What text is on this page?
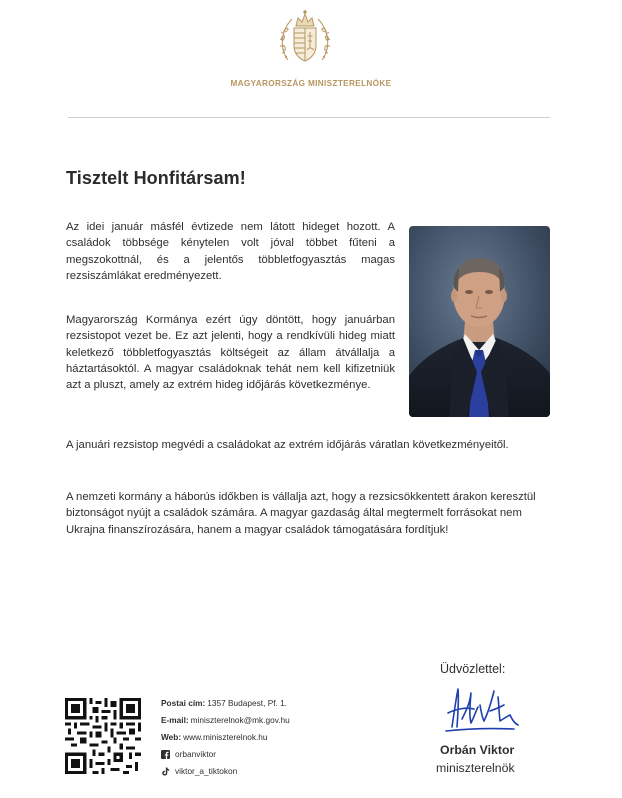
MAGYARORSZÁG MINISZTERELNÖKE
Tisztelt Honfitársam!

Az idei január másfél évtizede nem látott hideget hozott. A családok többsége kénytelen volt jóval többet fűteni a megszokottnál, és a jelentős többletfogyasztás magas rezsiszámlákat eredményezett.

Magyarország Kormánya ezért úgy döntött, hogy januárban rezsistopot vezet be. Ez azt jelenti, hogy a rendkívüli hideg miatt keletkező többletfogyasztás költségeit az állam átvállalja a háztartásoktól. A magyar családoknak tehát nem kell kifizetniük azt a pluszt, amely az extrém hideg időjárás következménye.

A januári rezsistop megvédi a családokat az extrém időjárás váratlan következményeitől.

A nemzeti kormány a háborús időkben is vállalja azt, hogy a rezsicsökkentett árakon keresztül biztonságot nyújt a családok számára. A magyar gazdaság által megtermelt forrásokat nem Ukrajna finanszírozására, hanem a magyar családok támogatására fordítjuk!

Postai cím: 1357 Budapest, Pf. 1.
E-mail: miniszterelnok@mk.gov.hu
Web: www.miniszterelnok.hu
orbanviktor
viktor_a_tiktokon
Üdvözlettel:
Orbán Viktor
miniszterelnök
